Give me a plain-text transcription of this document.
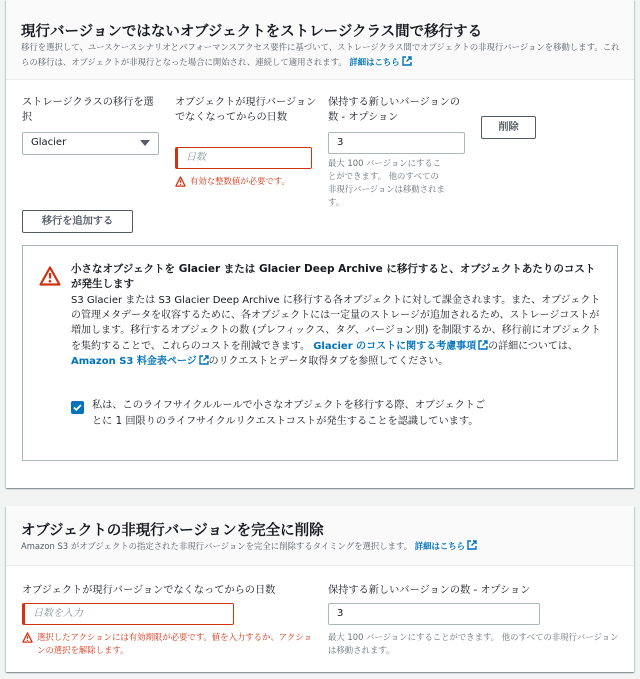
現行バージョンではないオブジェクトをストレージクラス間で移行する
移行を選択して、ユースケースシナリオとパフォーマンスアクセス要件に基づいて、ストレージクラス間でオブジェクトの非現行バージョンを移動します。これらの移行は、オブジェクトが非現行となった場合に開始され、連続して適用されます。 詳細はこちら
ストレージクラスの移行を選択
Glacier
オブジェクトが現行バージョンでなくなってからの日数
日数
有効な整数値が必要です。
保持する新しいバージョンの数 - オプション
3
最大 100 バージョンにすることができます。 他のすべての非現行バージョンは移動されます。
削除
移行を追加する
小さなオブジェクトを Glacier または Glacier Deep Archive に移行すると、オブジェクトあたりのコストが発生します
S3 Glacier または S3 Glacier Deep Archive に移行する各オブジェクトに対して課金されます。また、オブジェクトの管理メタデータを収容するために、各オブジェクトには一定量のストレージが追加されるため、ストレージコストが増加します。移行するオブジェクトの数 (プレフィックス、タグ、バージョン別) を制限するか、移行前にオブジェクトを集約することで、これらのコストを削減できます。 Glacier のコストに関する考慮事項 の詳細については、Amazon S3 料金表ページ のリクエストとデータ取得タブを参照してください。
私は、このライフサイクルルールで小さなオブジェクトを移行する際、オブジェクトごとに 1 回限りのライフサイクルリクエストコストが発生することを認識しています。
オブジェクトの非現行バージョンを完全に削除
Amazon S3 がオブジェクトの指定された非現行バージョンを完全に削除するタイミングを選択します。 詳細はこちら
オブジェクトが現行バージョンでなくなってからの日数
日数を入力
選択したアクションには有効期限が必要です。値を入力するか、アクションの選択を解除します。
保持する新しいバージョンの数 - オプション
3
最大 100 バージョンにすることができます。 他のすべての非現行バージョンは移動されます。
